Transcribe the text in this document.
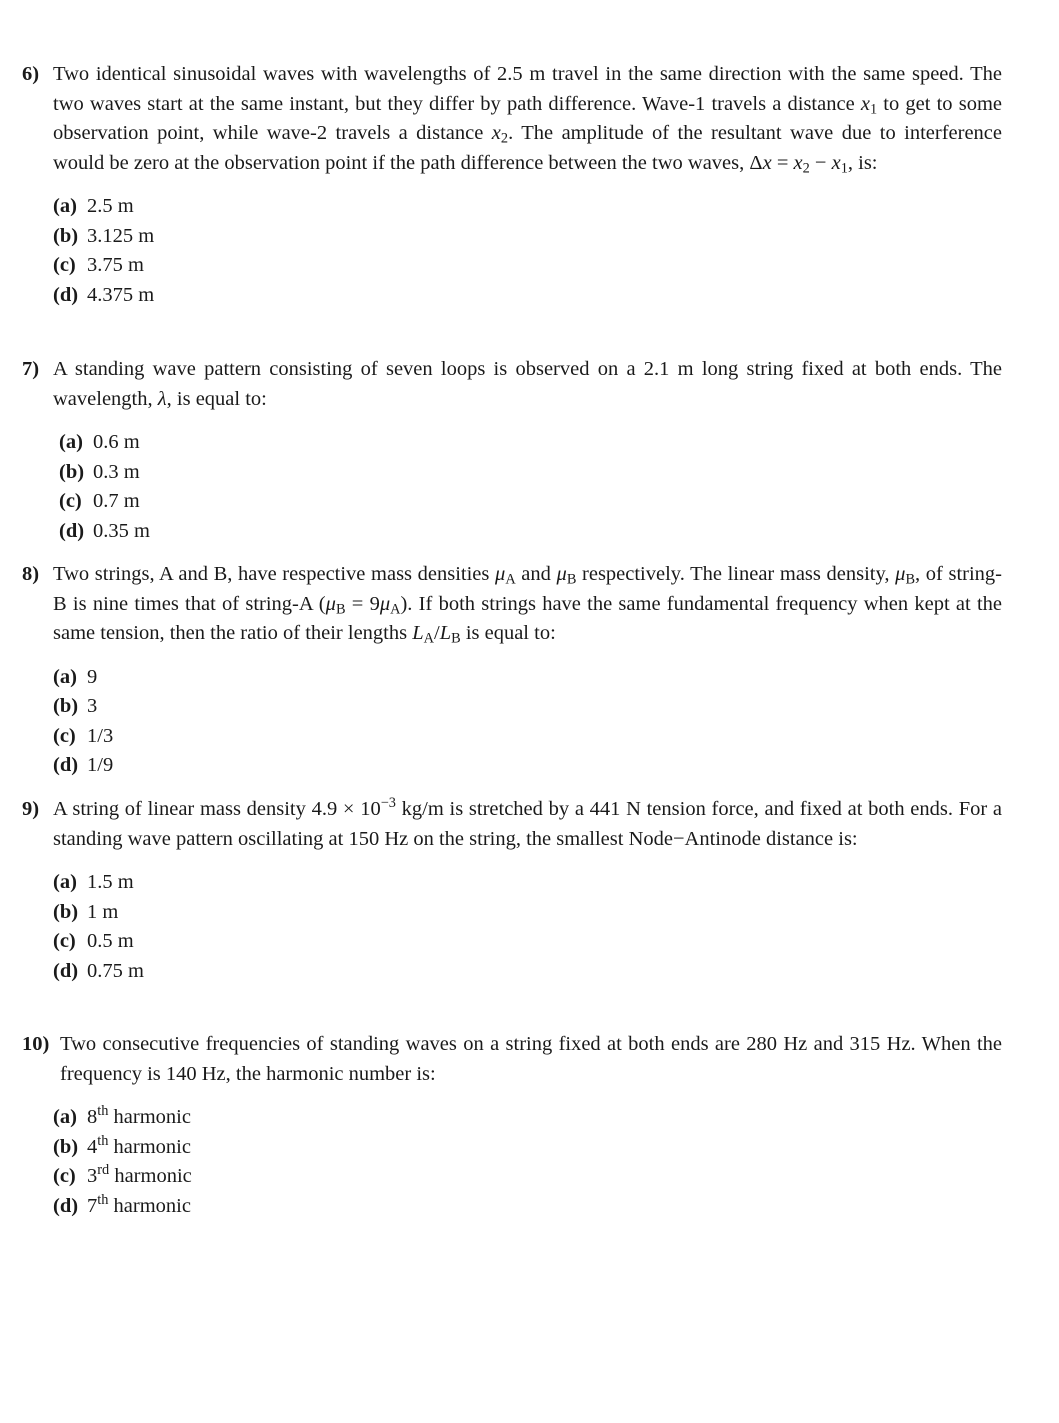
6) Two identical sinusoidal waves with wavelengths of 2.5 m travel in the same direction with the same speed. The two waves start at the same instant, but they differ by path difference. Wave-1 travels a distance $x_1$ to get to some observation point, while wave-2 travels a distance $x_2$. The amplitude of the resultant wave due to interference would be zero at the observation point if the path difference between the two waves, $\Delta x = x_2 - x_1$, is:
(a) 2.5 m
(b) 3.125 m
(c) 3.75 m
(d) 4.375 m
7) A standing wave pattern consisting of seven loops is observed on a 2.1 m long string fixed at both ends. The wavelength, λ, is equal to:
(a) 0.6 m
(b) 0.3 m
(c) 0.7 m
(d) 0.35 m
8) Two strings, A and B, have respective mass densities $\mu_A$ and $\mu_B$ respectively. The linear mass density, $\mu_B$, of string-B is nine times that of string-A $(\mu_B = 9\mu_A)$. If both strings have the same fundamental frequency when kept at the same tension, then the ratio of their lengths $L_A/L_B$ is equal to:
(a) 9
(b) 3
(c) 1/3
(d) 1/9
9) A string of linear mass density $4.9 \times 10^{-3}$ kg/m is stretched by a 441 N tension force, and fixed at both ends. For a standing wave pattern oscillating at 150 Hz on the string, the smallest Node−Antinode distance is:
(a) 1.5 m
(b) 1 m
(c) 0.5 m
(d) 0.75 m
10) Two consecutive frequencies of standing waves on a string fixed at both ends are 280 Hz and 315 Hz. When the frequency is 140 Hz, the harmonic number is:
(a) 8th harmonic
(b) 4th harmonic
(c) 3rd harmonic
(d) 7th harmonic
